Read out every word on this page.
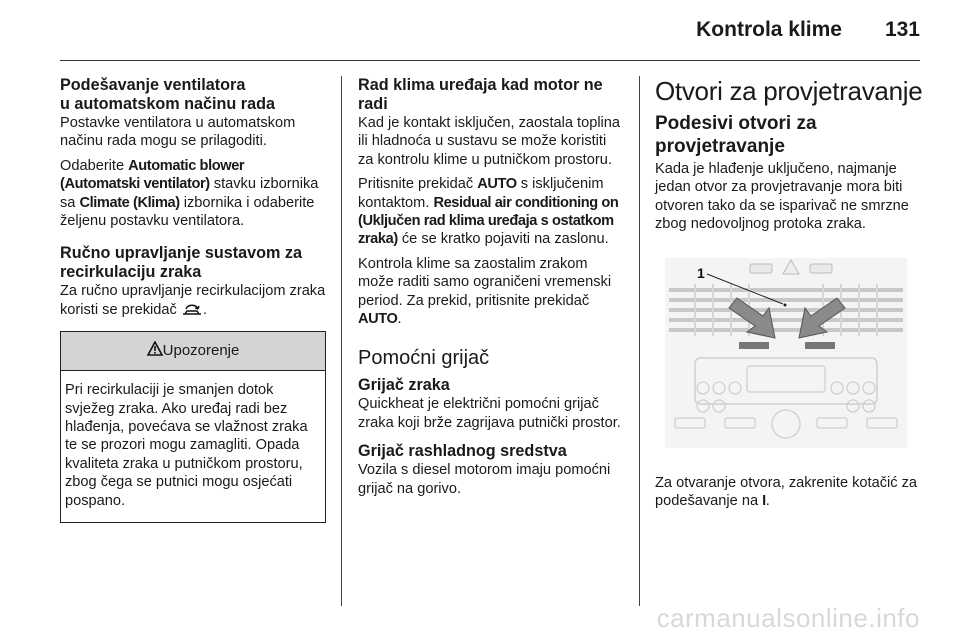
Kontrola klime 131
Podešavanje ventilatora
u automatskom načinu rada

Postavke ventilatora u automatskom načinu rada mogu se prilagoditi.

Odaberite Automatic blower (Automatski ventilator) stavku izbornika sa Climate (Klima) izbornika i odaberite željenu postavku ventilatora.

Ručno upravljanje sustavom za
recirkulaciju zraka

Za ručno upravljanje recirkulacijom zraka koristi se prekidač .

Upozorenje
Pri recirkulaciji je smanjen dotok svježeg zraka. Ako uređaj radi bez hlađenja, povećava se vlažnost zraka te se prozori mogu zamagliti. Opada kvaliteta zraka u putničkom prostoru, zbog čega se putnici mogu osjećati pospano.
Rad klima uređaja kad motor ne
radi

Kad je kontakt isključen, zaostala toplina ili hladnoća u sustavu se može koristiti za kontrolu klime u putničkom prostoru.

Pritisnite prekidač AUTO s isključenim kontaktom. Residual air conditioning on (Uključen rad klima uređaja s ostatkom zraka) će se kratko pojaviti na zaslonu.

Kontrola klime sa zaostalim zrakom može raditi samo ograničeni vremenski period. Za prekid, pritisnite prekidač AUTO.

Pomoćni grijač
Grijač zraka

Quickheat je električni pomoćni grijač zraka koji brže zagrijava putnički prostor.

Grijač rashladnog sredstva

Vozila s diesel motorom imaju pomoćni grijač na gorivo.

Otvori za provjetravanje
Podesivi otvori za
provjetravanje

Kada je hlađenje uključeno, najmanje jedan otvor za provjetravanje mora biti otvoren tako da se isparivač ne smrzne zbog nedovoljnog protoka zraka.

1

Za otvaranje otvora, zakrenite kotačić za podešavanje na I.

carmanualsonline.info
